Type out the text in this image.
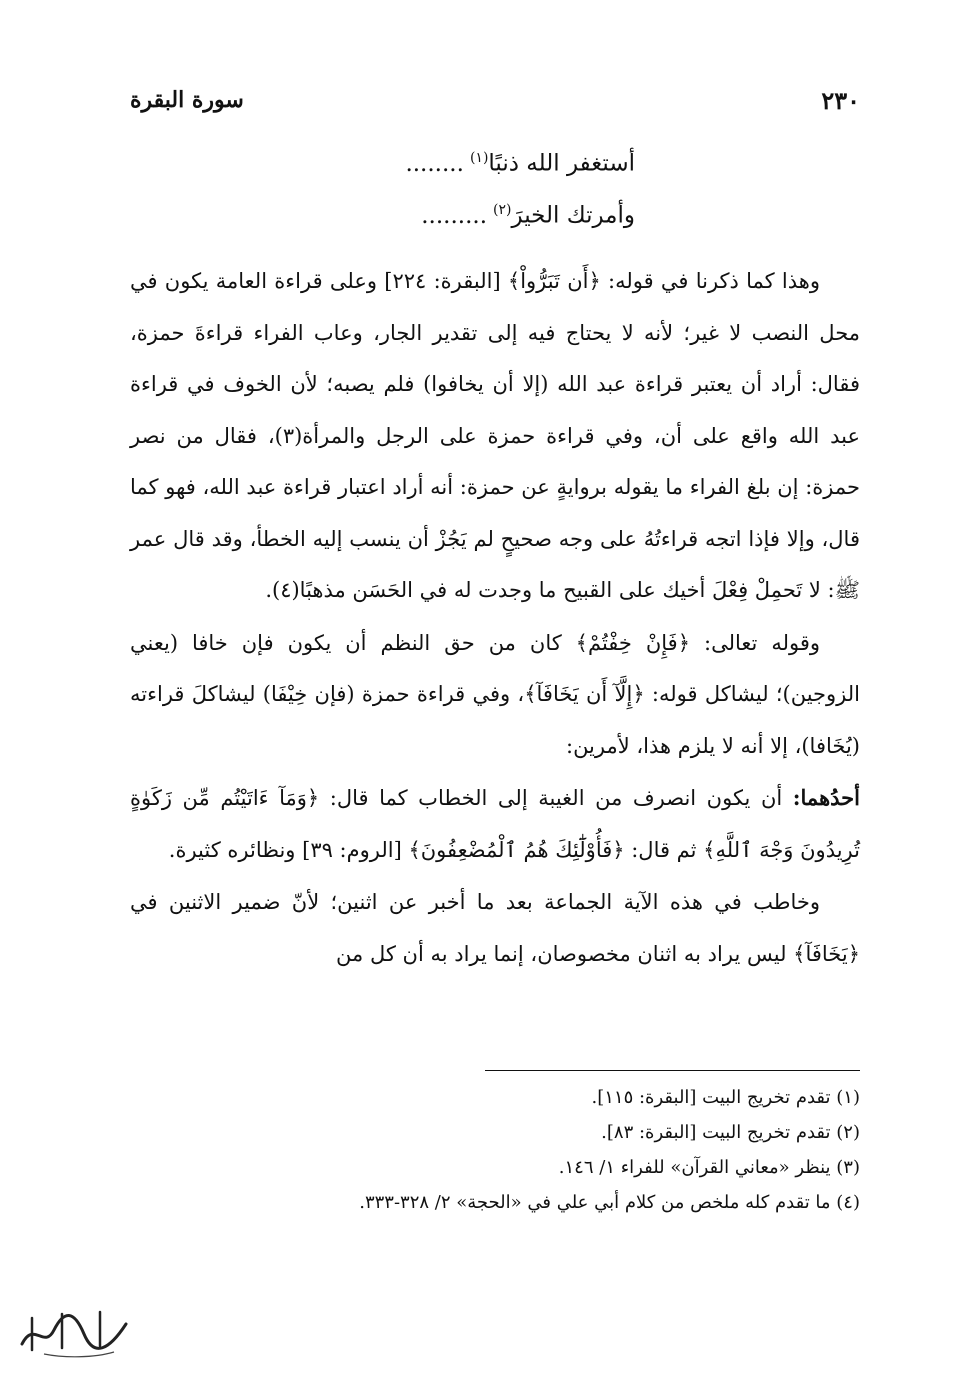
٢٣٠
سورة البقرة
أستغفر الله ذنبًا$^{(١)}$........
وأمرتك الخيرَ$^{(٢)}$.........

وهذا كما ذكرنا في قوله: ﴿أَن تَبَرُّواْ﴾ [البقرة: ٢٢٤] وعلى قراءة العامة يكون في محل النصب لا غير؛ لأنه لا يحتاج فيه إلى تقدير الجار، وعاب الفراء قراءةَ حمزة، فقال: أراد أن يعتبر قراءة عبد الله (إلا أن يخافوا) فلم يصبه؛ لأن الخوف في قراءة عبد الله واقع على أن، وفي قراءة حمزة على الرجل والمرأة(٣)، فقال من نصر حمزة: إن بلغ الفراء ما يقوله بروايةٍ عن حمزة: أنه أراد اعتبار قراءة عبد الله، فهو كما قال، وإلا فإذا اتجه قراءتُهُ على وجه صحيحٍ لم يَجُزْ أن ينسب إليه الخطأ، وقد قال عمر ﷺ: لا تَحمِلْ فِعْلَ أخيك على القبيح ما وجدت له في الحَسَن مذهبًا(٤).

وقوله تعالى: ﴿فَإِنْ خِفْتُمْ﴾ كان من حق النظم أن يكون فإن خافا (يعني الزوجين)؛ ليشاكل قوله: ﴿إِلَّآ أَن يَخَافَآ﴾، وفي قراءة حمزة (فإن خِيْفَا) ليشاكلَ قراءته (يُخَافا)، إلا أنه لا يلزم هذا، لأمرين:

أحدُهما: أن يكون انصرف من الغيبة إلى الخطاب كما قال: ﴿وَمَآ ءَاتَيْتُم مِّن زَكَوٰةٍ تُرِيدُونَ وَجْهَ ٱللَّهِ﴾ ثم قال: ﴿فَأُوْلَٰٓئِكَ هُمُ ٱلْمُضْعِفُونَ﴾ [الروم: ٣٩] ونظائره كثيرة.

وخاطب في هذه الآية الجماعة بعد ما أخبر عن اثنين؛ لأنّ ضمير الاثنين في ﴿يَخَافَآ﴾ ليس يراد به اثنان مخصوصان، إنما يراد به أن كل من

(١) تقدم تخريج البيت [البقرة: ١١٥].
(٢) تقدم تخريج البيت [البقرة: ٨٣].
(٣) ينظر «معاني القرآن» للفراء ١/ ١٤٦.
(٤) ما تقدم كله ملخص من كلام أبي علي في «الحجة» ٢/ ٣٢٨-٣٣٣.
